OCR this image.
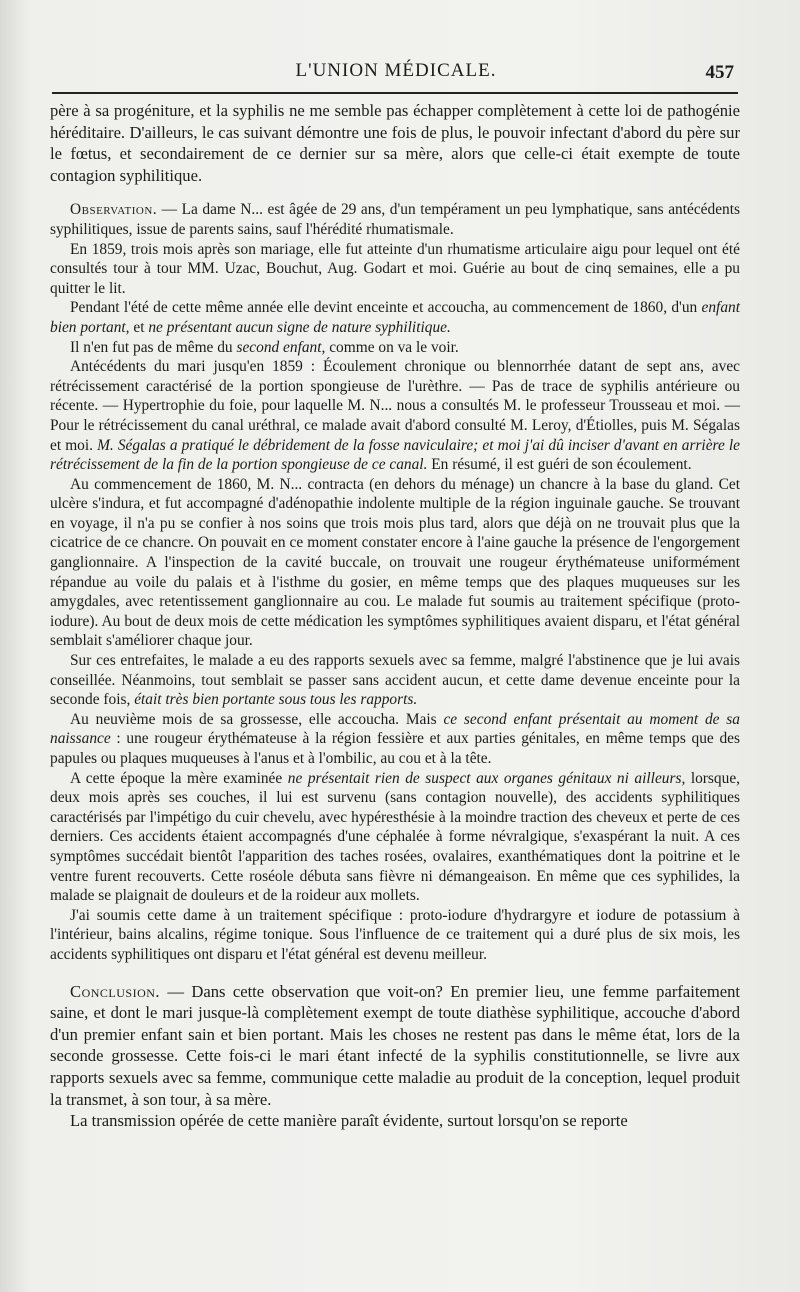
L'UNION MÉDICALE.	457

père à sa progéniture, et la syphilis ne me semble pas échapper complètement à cette loi de pathogénie héréditaire. D'ailleurs, le cas suivant démontre une fois de plus, le pouvoir infectant d'abord du père sur le fœtus, et secondairement de ce dernier sur sa mère, alors que celle-ci était exempte de toute contagion syphilitique.

Observation. — La dame N... est âgée de 29 ans, d'un tempérament un peu lymphatique, sans antécédents syphilitiques, issue de parents sains, sauf l'hérédité rhumatismale.

En 1859, trois mois après son mariage, elle fut atteinte d'un rhumatisme articulaire aigu pour lequel ont été consultés tour à tour MM. Uzac, Bouchut, Aug. Godart et moi. Guérie au bout de cinq semaines, elle a pu quitter le lit.

Pendant l'été de cette même année elle devint enceinte et accoucha, au commencement de 1860, d'un enfant bien portant, et ne présentant aucun signe de nature syphilitique.

Il n'en fut pas de même du second enfant, comme on va le voir.

Antécédents du mari jusqu'en 1859 : Écoulement chronique ou blennorrhée datant de sept ans, avec rétrécissement caractérisé de la portion spongieuse de l'urèthre. — Pas de trace de syphilis antérieure ou récente. — Hypertrophie du foie, pour laquelle M. N... nous a consultés M. le professeur Trousseau et moi. — Pour le rétrécissement du canal uréthral, ce malade avait d'abord consulté M. Leroy, d'Étiolles, puis M. Ségalas et moi. M. Ségalas a pratiqué le débridement de la fosse naviculaire; et moi j'ai dû inciser d'avant en arrière le rétrécissement de la fin de la portion spongieuse de ce canal. En résumé, il est guéri de son écoulement.

Au commencement de 1860, M. N... contracta (en dehors du ménage) un chancre à la base du gland. Cet ulcère s'indura, et fut accompagné d'adénopathie indolente multiple de la région inguinale gauche. Se trouvant en voyage, il n'a pu se confier à nos soins que trois mois plus tard, alors que déjà on ne trouvait plus que la cicatrice de ce chancre. On pouvait en ce moment constater encore à l'aine gauche la présence de l'engorgement ganglionnaire. A l'inspection de la cavité buccale, on trouvait une rougeur érythémateuse uniformément répandue au voile du palais et à l'isthme du gosier, en même temps que des plaques muqueuses sur les amygdales, avec retentissement ganglionnaire au cou. Le malade fut soumis au traitement spécifique (proto-iodure). Au bout de deux mois de cette médication les symptômes syphilitiques avaient disparu, et l'état général semblait s'améliorer chaque jour.

Sur ces entrefaites, le malade a eu des rapports sexuels avec sa femme, malgré l'abstinence que je lui avais conseillée. Néanmoins, tout semblait se passer sans accident aucun, et cette dame devenue enceinte pour la seconde fois, était très bien portante sous tous les rapports.

Au neuvième mois de sa grossesse, elle accoucha. Mais ce second enfant présentait au moment de sa naissance : une rougeur érythémateuse à la région fessière et aux parties génitales, en même temps que des papules ou plaques muqueuses à l'anus et à l'ombilic, au cou et à la tête.

A cette époque la mère examinée ne présentait rien de suspect aux organes génitaux ni ailleurs, lorsque, deux mois après ses couches, il lui est survenu (sans contagion nouvelle), des accidents syphilitiques caractérisés par l'impétigo du cuir chevelu, avec hypéresthésie à la moindre traction des cheveux et perte de ces derniers. Ces accidents étaient accompagnés d'une céphalée à forme névralgique, s'exaspérant la nuit. A ces symptômes succédait bientôt l'apparition des taches rosées, ovalaires, exanthématiques dont la poitrine et le ventre furent recouverts. Cette roséole débuta sans fièvre ni démangeaison. En même que ces syphilides, la malade se plaignait de douleurs et de la roideur aux mollets.

J'ai soumis cette dame à un traitement spécifique : proto-iodure d'hydrargyre et iodure de potassium à l'intérieur, bains alcalins, régime tonique. Sous l'influence de ce traitement qui a duré plus de six mois, les accidents syphilitiques ont disparu et l'état général est devenu meilleur.

Conclusion. — Dans cette observation que voit-on? En premier lieu, une femme parfaitement saine, et dont le mari jusque-là complètement exempt de toute diathèse syphilitique, accouche d'abord d'un premier enfant sain et bien portant. Mais les choses ne restent pas dans le même état, lors de la seconde grossesse. Cette fois-ci le mari étant infecté de la syphilis constitutionnelle, se livre aux rapports sexuels avec sa femme, communique cette maladie au produit de la conception, lequel produit la transmet, à son tour, à sa mère.

La transmission opérée de cette manière paraît évidente, surtout lorsqu'on se reporte
